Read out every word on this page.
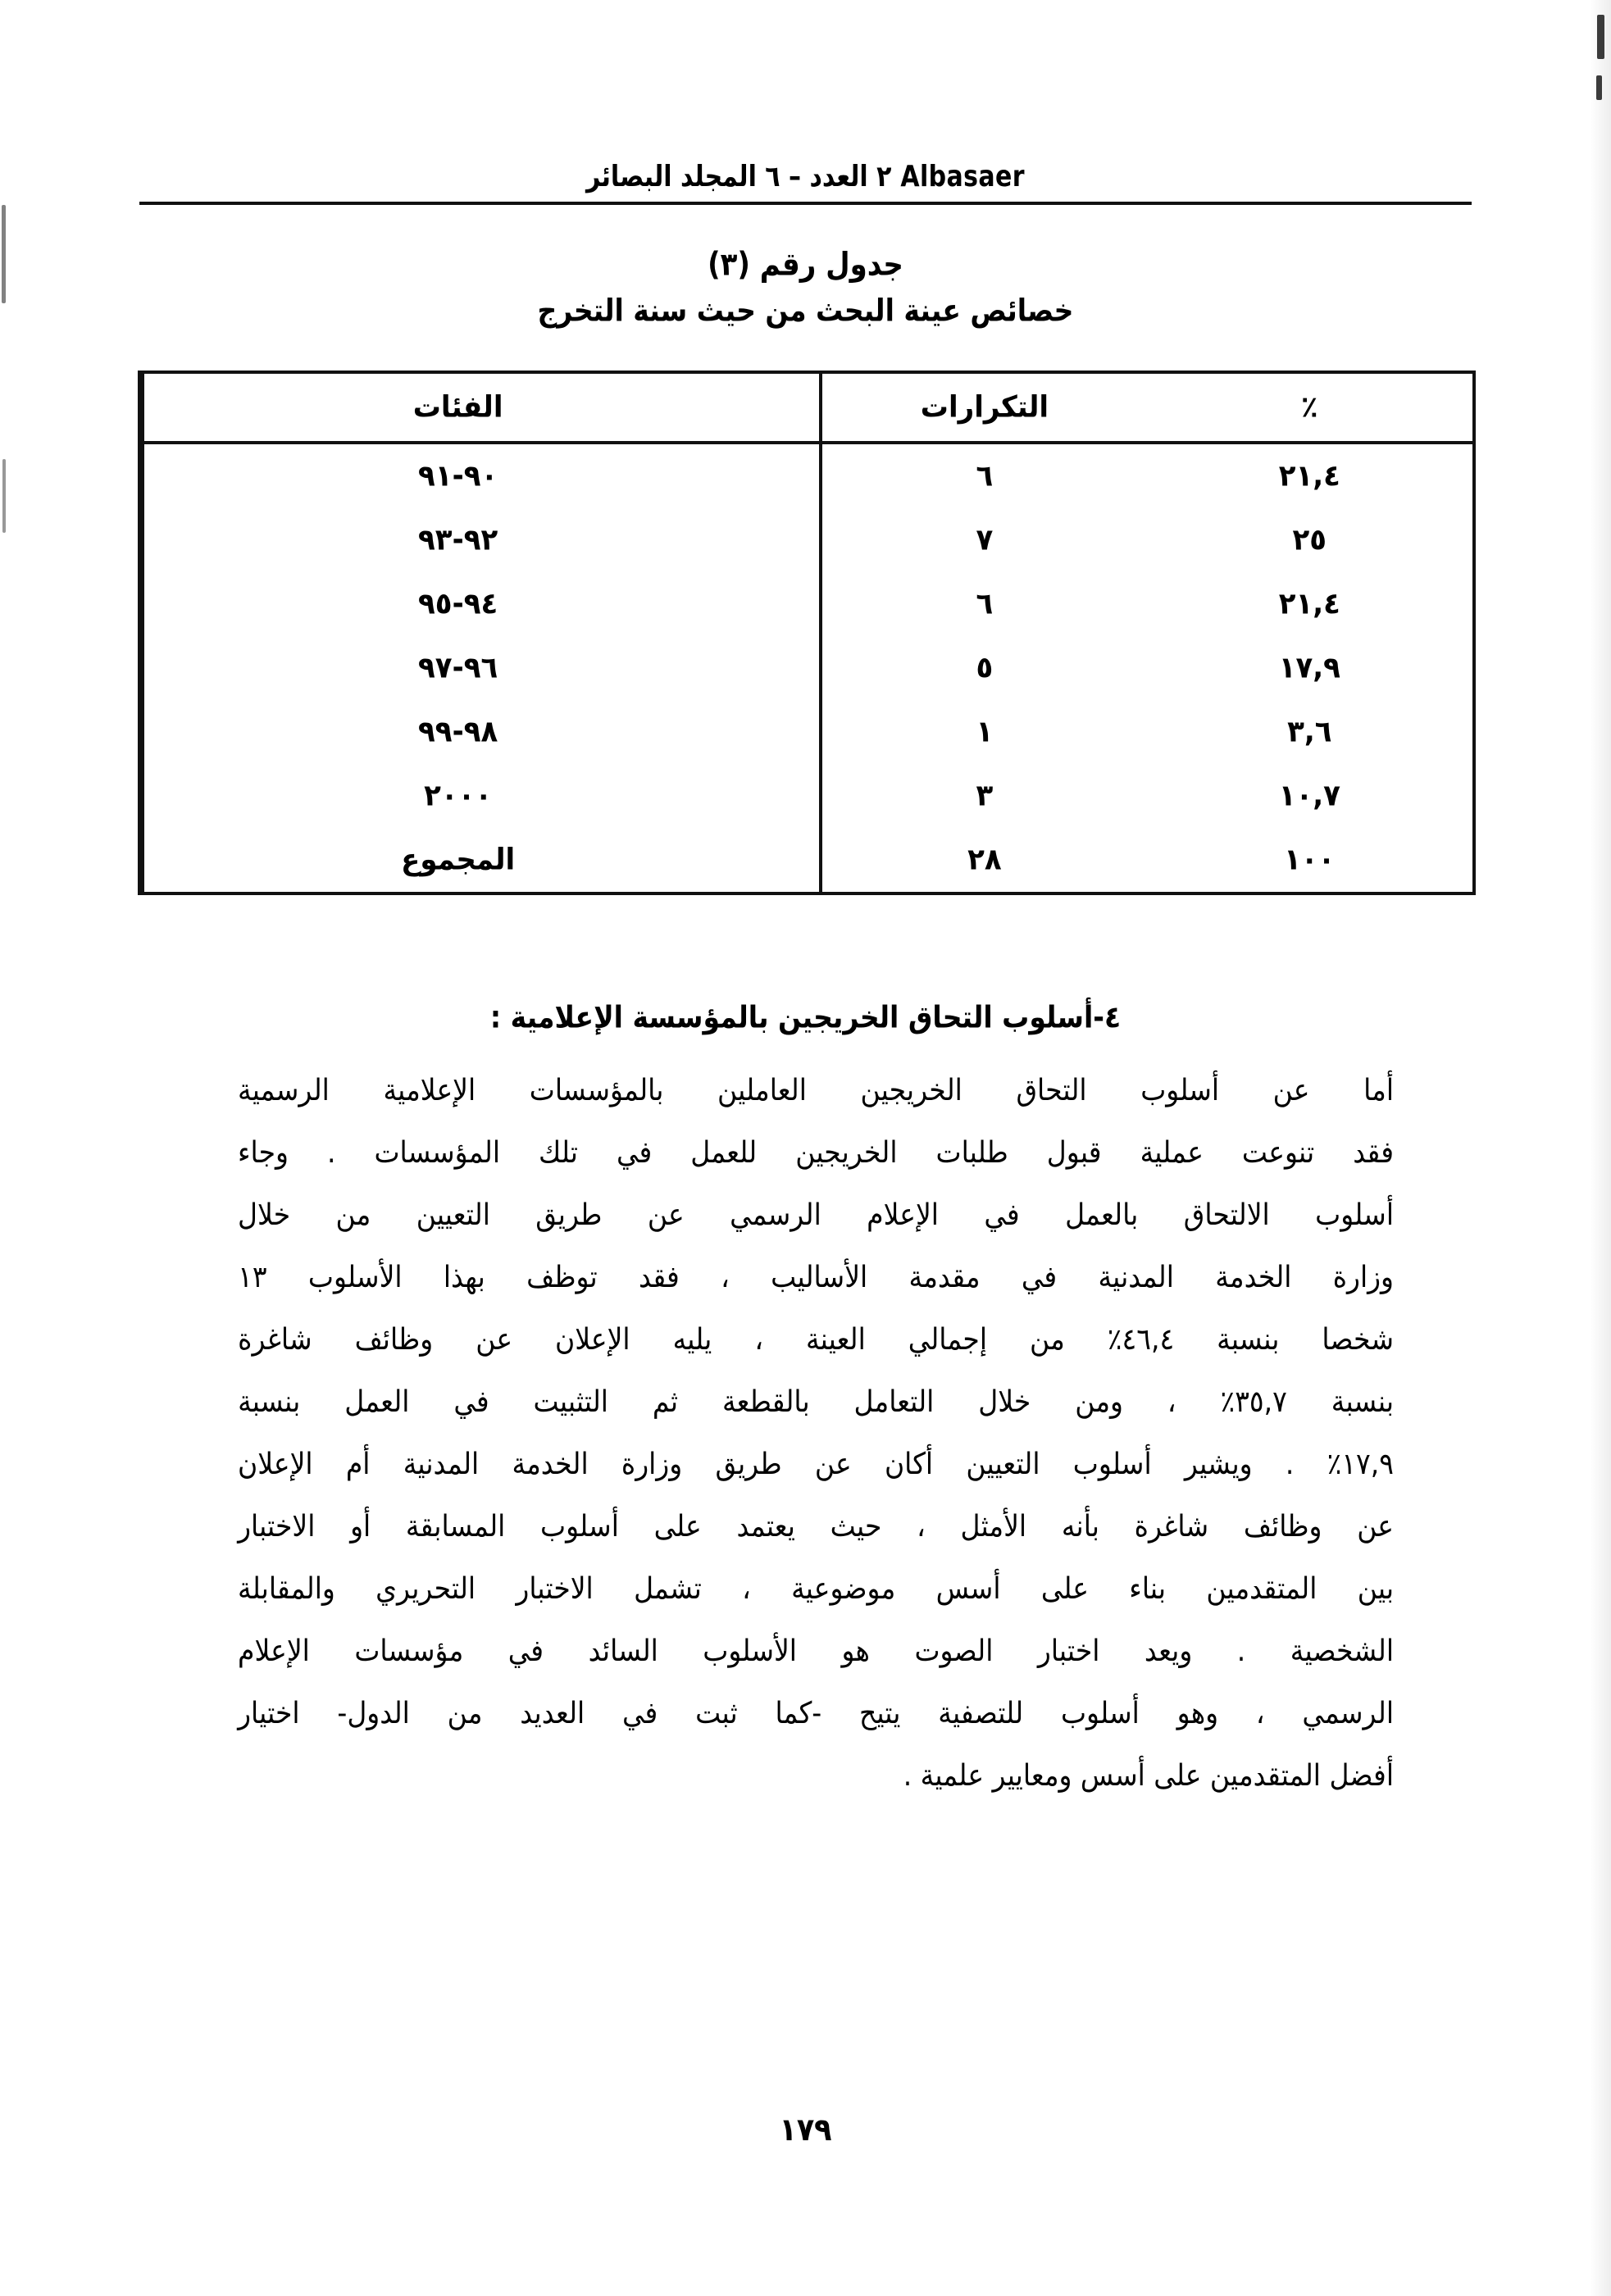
Albasaer ٢ العدد – ٦ المجلد البصائر
جدول رقم (٣)
خصائص عينة البحث من حيث سنة التخرج
٪	التكرارات	الفئات
٢١,٤	٦	٩٠-٩١
٢٥	٧	٩٢-٩٣
٢١,٤	٦	٩٤-٩٥
١٧,٩	٥	٩٦-٩٧
٣,٦	١	٩٨-٩٩
١٠,٧	٣	٢٠٠٠
١٠٠	٢٨	المجموع
٤-أسلوب التحاق الخريجين بالمؤسسة الإعلامية :
أما
عن
أسلوب
التحاق
الخريجين
العاملين
بالمؤسسات
الإعلامية
الرسمية
فقد
تنوعت
عملية
قبول
طلبات
الخريجين
للعمل
في
تلك
المؤسسات
.
وجاء
أسلوب
الالتحاق
بالعمل
في
الإعلام
الرسمي
عن
طريق
التعيين
من
خلال
وزارة
الخدمة
المدنية
في
مقدمة
الأساليب
،
فقد
توظف
بهذا
الأسلوب
١٣
شخصا
بنسبة
٤٦,٤٪
من
إجمالي
العينة
،
يليه
الإعلان
عن
وظائف
شاغرة
بنسبة
٣٥,٧٪
،
ومن
خلال
التعامل
بالقطعة
ثم
التثبيت
في
العمل
بنسبة
١٧,٩٪
.
ويشير
أسلوب
التعيين
أكان
عن
طريق
وزارة
الخدمة
المدنية
أم
الإعلان
عن
وظائف
شاغرة
بأنه
الأمثل
،
حيث
يعتمد
على
أسلوب
المسابقة
أو
الاختبار
بين
المتقدمين
بناء
على
أسس
موضوعية
،
تشمل
الاختبار
التحريري
والمقابلة
الشخصية
.
ويعد
اختبار
الصوت
هو
الأسلوب
السائد
في
مؤسسات
الإعلام
الرسمي
،
وهو
أسلوب
للتصفية
يتيح
-كما
ثبت
في
العديد
من
الدول-
اختيار
أفضل المتقدمين على أسس ومعايير علمية .
١٧٩
